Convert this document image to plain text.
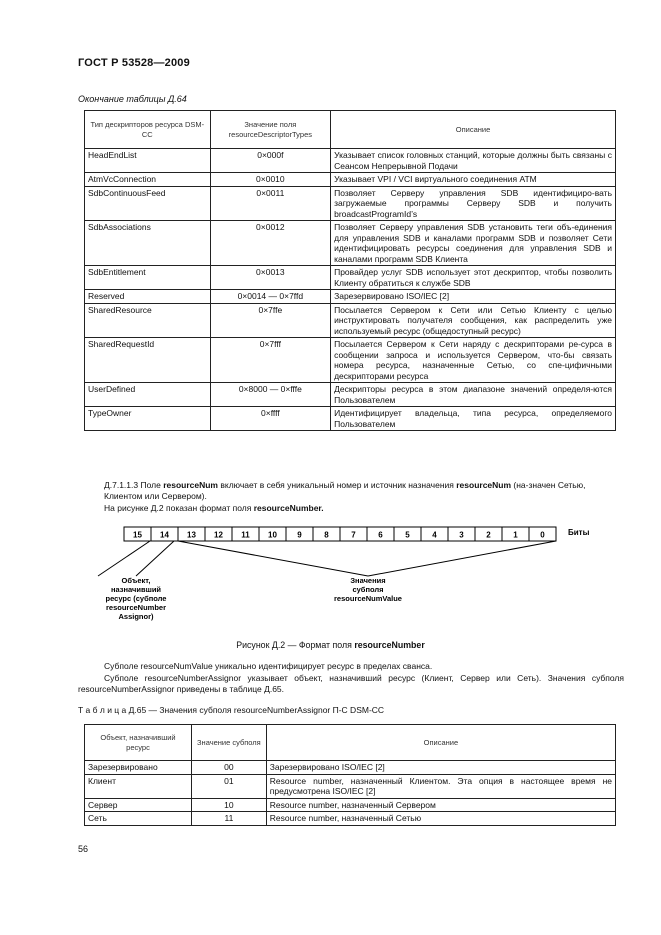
ГОСТ Р 53528—2009
Окончание таблицы Д.64
Тип дескрипторов ресурса DSM-CC	Значение поля resourceDescriptorTypes	Описание
HeadEndList	0×000f	Указывает список головных станций, которые должны быть связаны с Сеансом Непрерывной Подачи
AtmVcConnection	0×0010	Указывает VPI / VCI виртуального соединения ATM
SdbContinuousFeed	0×0011	Позволяет Серверу управления SDB идентифициро-вать загружаемые программы Серверу SDB и получить broadcastProgramId’s
SdbAssociations	0×0012	Позволяет Серверу управления SDB установить теги объ-единения для управления SDB и каналами программ SDB и позволяет Сети идентифицировать ресурсы соединения для управления SDB и каналами программ SDB Клиента
SdbEntitlement	0×0013	Провайдер услуг SDB использует этот дескриптор, чтобы позволить Клиенту обратиться к службе SDB
Reserved	0×0014 — 0×7ffd	Зарезервировано ISO/IEC [2]
SharedResource	0×7ffe	Посылается Сервером к Сети или Сетью Клиенту с целью инструктировать получателя сообщения, как распределить уже используемый ресурс (общедоступный ресурс)
SharedRequestId	0×7fff	Посылается Сервером к Сети наряду с дескрипторами ре-сурса в сообщении запроса и используется Сервером, что-бы связать номера ресурса, назначенные Сетью, со спе-цифичными дескрипторами ресурса
UserDefined	0×8000 — 0×fffe	Дескрипторы ресурса в этом диапазоне значений определя-ются Пользователем
TypeOwner	0×ffff	Идентифицирует владельца, типа ресурса, определяемого Пользователем
Д.7.1.1.3 Поле resourceNum включает в себя уникальный номер и источник назначения resourceNum (на-значен Сетью, Клиентом или Сервером).
На рисунке Д.2 показан формат поля resourceNumber.
15 14 13 12 11 10	9	8	7	6	5	4	3	2	1	0	Биты
Объект, назначивший ресурс (субполе resourceNumber Assignor)
Значения субполя resourceNumValue
Рисунок Д.2 — Формат поля resourceNumber
Субполе resourceNumValue уникально идентифицирует ресурс в пределах сванса.
Субполе resourceNumberAssignor указывает объект, назначивший ресурс (Клиент, Сервер или Сеть). Значения субполя resourceNumberAssignor приведены в таблице Д.65.
Т а б л и ц а Д.65 — Значения субполя resourceNumberAssignor П-С DSM-CC
Объект, назначивший ресурс	Значение субполя	Описание
Зарезервировано	00	Зарезервировано ISO/IEC [2]
Клиент	01	Resource number, назначенный Клиентом. Эта опция в настоящее время не предусмотрена ISO/IEC [2]
Сервер	10	Resource number, назначенный Сервером
Сеть	11	Resource number, назначенный Сетью
56
